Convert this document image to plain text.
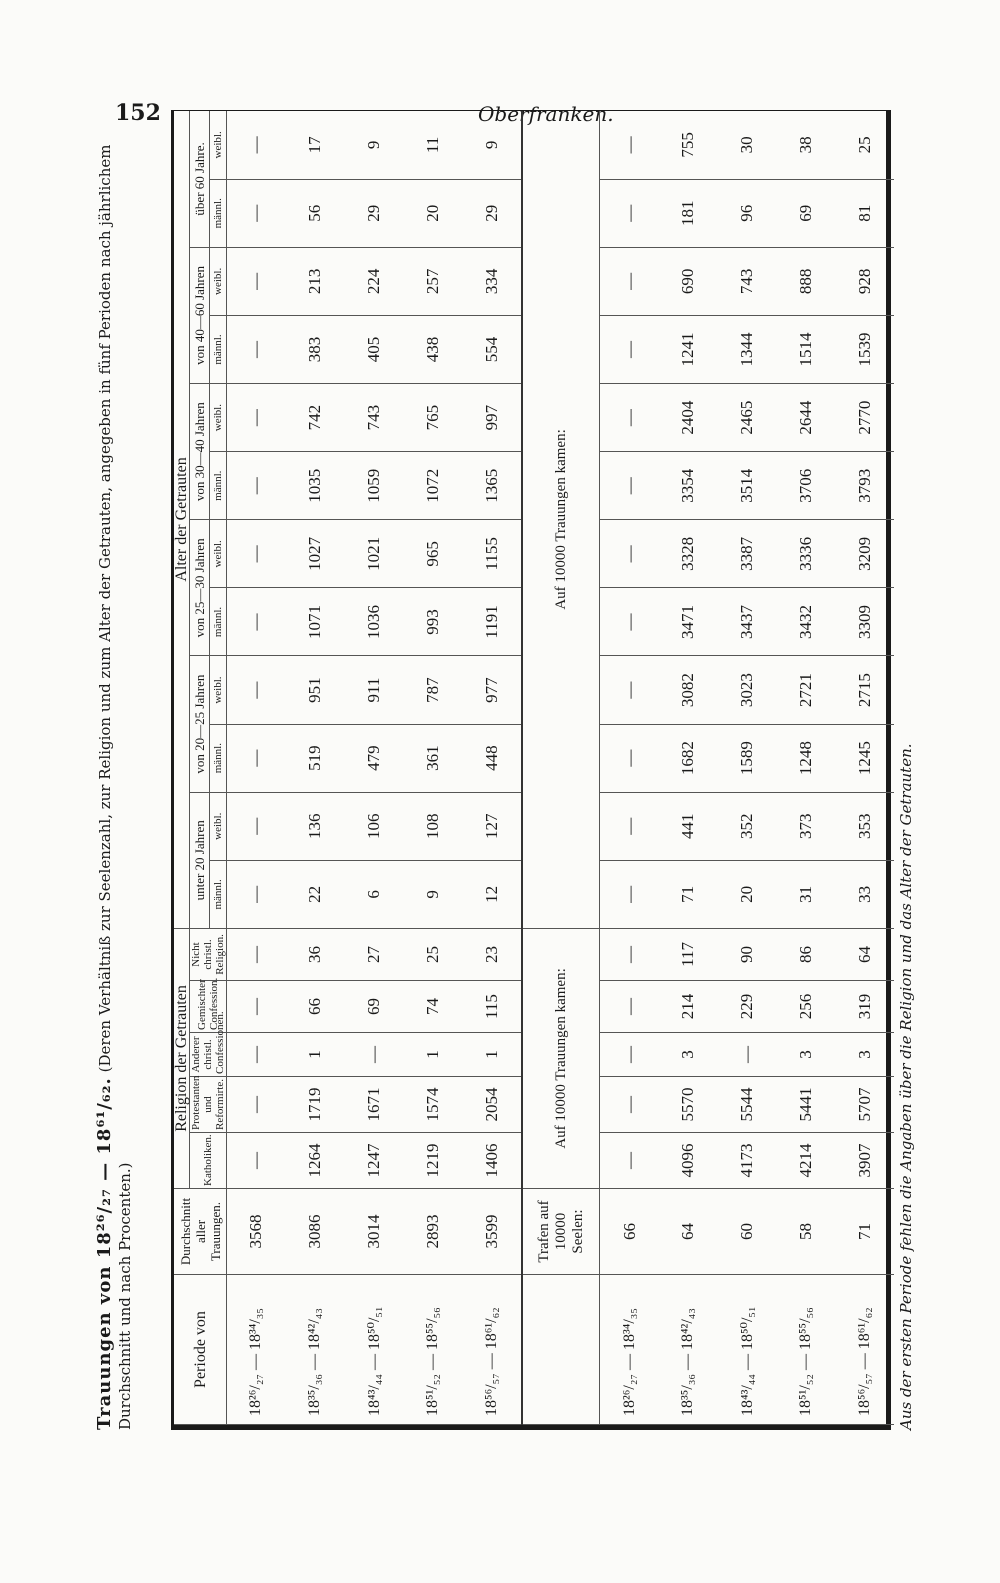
152	Oberfranken.
Trauungen von 18²⁶/₂₇ — 18⁶¹/₆₂. (Deren Verhältniß zur Seelenzahl, zur Religion und zum Alter der Getrauten, angegeben in fünf Perioden nach jährlichem Durchschnitt und nach Procenten.)	Periode von	Durchschnitt aller Trauungen.	Religion der Getrauten					Alter der Getrauten											
		Katholiken.	Protestanten und Reformirte.	Anderer christl. Confessionen.	Gemischter Confession.	Nicht christl. Religion.	unter 20 Jahren		von 20—25 Jahren		von 25—30 Jahren		von 30—40 Jahren		von 40—60 Jahren		über 60 Jahre.	
							männl.	weibl.	männl.	weibl.	männl.	weibl.	männl.	weibl.	männl.	weibl.	männl.	weibl.
18²⁶/₂₇ — 18³⁴/₃₅	3568	—	—	—	—	—	—	—	—	—	—	—	—	—	—	—	—	—
18³⁵/₃₆ — 18⁴²/₄₃	3086	1264	1719	1	66	36	22	136	519	951	1071	1027	1035	742	383	213	56	17
18⁴³/₄₄ — 18⁵⁰/₅₁	3014	1247	1671	—	69	27	6	106	479	911	1036	1021	1059	743	405	224	29	9
18⁵¹/₅₂ — 18⁵⁵/₅₆	2893	1219	1574	1	74	25	9	108	361	787	993	965	1072	765	438	257	20	11
18⁵⁶/₅₇ — 18⁶¹/₆₂	3599	1406	2054	1	115	23	12	127	448	977	1191	1155	1365	997	554	334	29	9
	Trafen auf 10000 Seelen:	Auf 10000 Trauungen kamen:					Auf 10000 Trauungen kamen:											
18²⁶/₂₇ — 18³⁴/₃₅	66	—	—	—	—	—	—	—	—	—	—	—	—	—	—	—	—	—
18³⁵/₃₆ — 18⁴²/₄₃	64	4096	5570	3	214	117	71	441	1682	3082	3471	3328	3354	2404	1241	690	181	755
18⁴³/₄₄ — 18⁵⁰/₅₁	60	4173	5544	—	229	90	20	352	1589	3023	3437	3387	3514	2465	1344	743	96	30
18⁵¹/₅₂ — 18⁵⁵/₅₆	58	4214	5441	3	256	86	31	373	1248	2721	3432	3336	3706	2644	1514	888	69	38
18⁵⁶/₅₇ — 18⁶¹/₆₂	71	3907	5707	3	319	64	33	353	1245	2715	3309	3209	3793	2770	1539	928	81	25
Aus der ersten Periode fehlen die Angaben über die Religion und das Alter der Getrauten.
